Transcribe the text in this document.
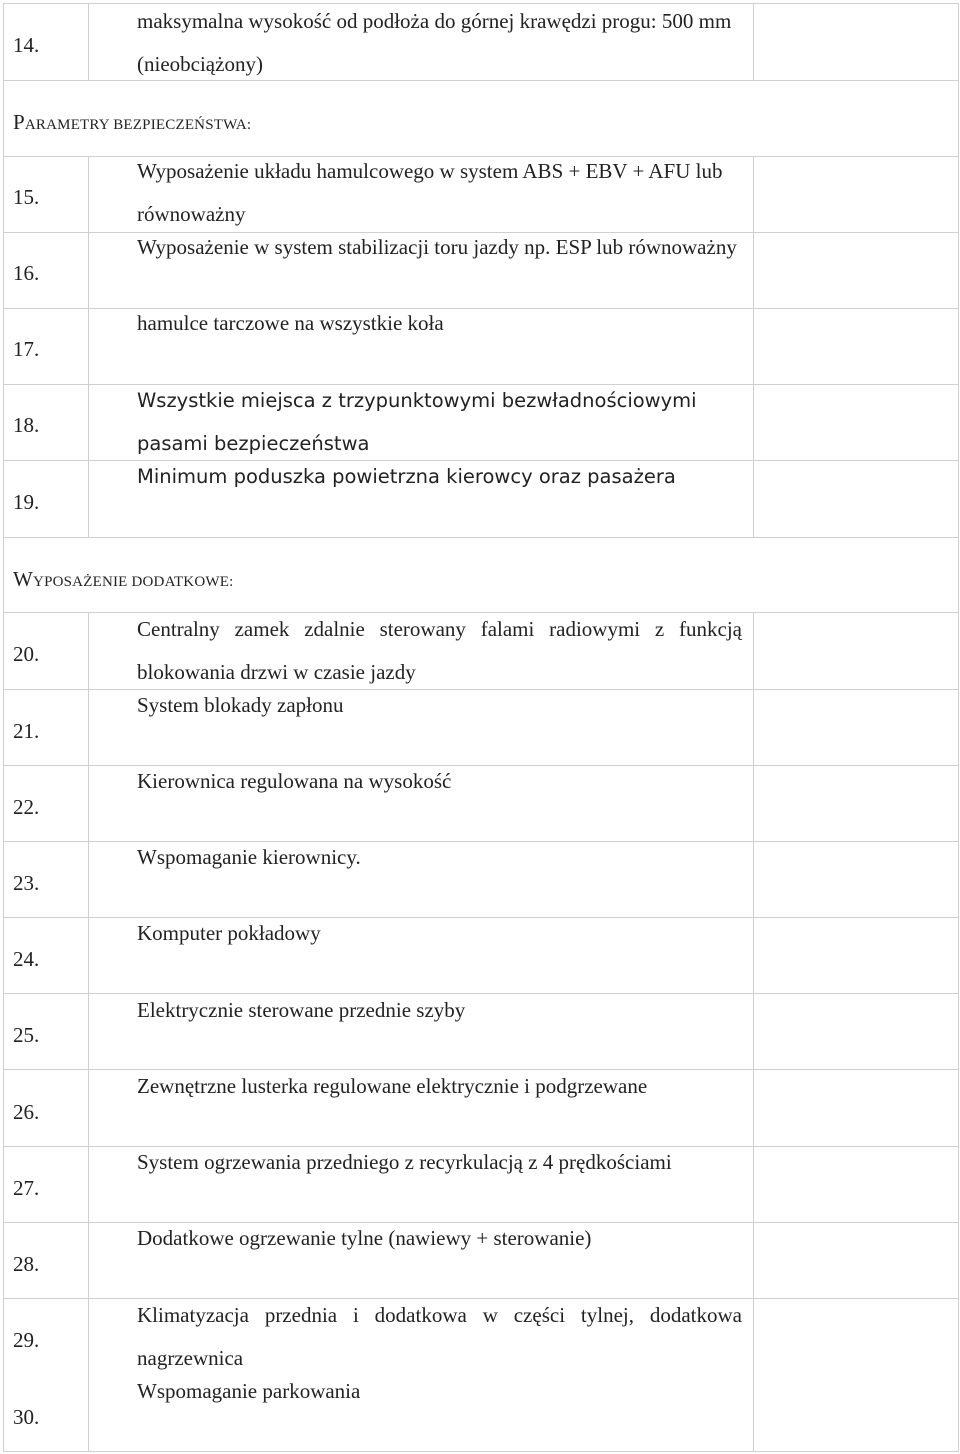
14.
maksymalna wysokość od podłoża do górnej krawędzi progu: 500 mm (nieobciążony)
PARAMETRY BEZPIECZEŃSTWA:
15.
Wyposażenie układu hamulcowego w system ABS + EBV + AFU lub równoważny
16.
Wyposażenie w system stabilizacji toru jazdy np. ESP lub równoważny
17.
hamulce tarczowe na wszystkie koła
18.
Wszystkie miejsca z trzypunktowymi bezwładnościowymi pasami bezpieczeństwa
19.
Minimum poduszka powietrzna kierowcy oraz pasażera
WYPOSAŻENIE DODATKOWE:
20.
Centralny zamek zdalnie sterowany falami radiowymi z funkcją blokowania drzwi w czasie jazdy
21.
System blokady zapłonu
22.
Kierownica regulowana na wysokość
23.
Wspomaganie kierownicy.
24.
Komputer pokładowy
25.
Elektrycznie sterowane przednie szyby
26.
Zewnętrzne lusterka regulowane elektrycznie i podgrzewane
27.
System ogrzewania przedniego z recyrkulacją z 4 prędkościami
28.
Dodatkowe ogrzewanie tylne (nawiewy + sterowanie)
29.
Klimatyzacja przednia i dodatkowa w części tylnej, dodatkowa nagrzewnica
30.
Wspomaganie parkowania
